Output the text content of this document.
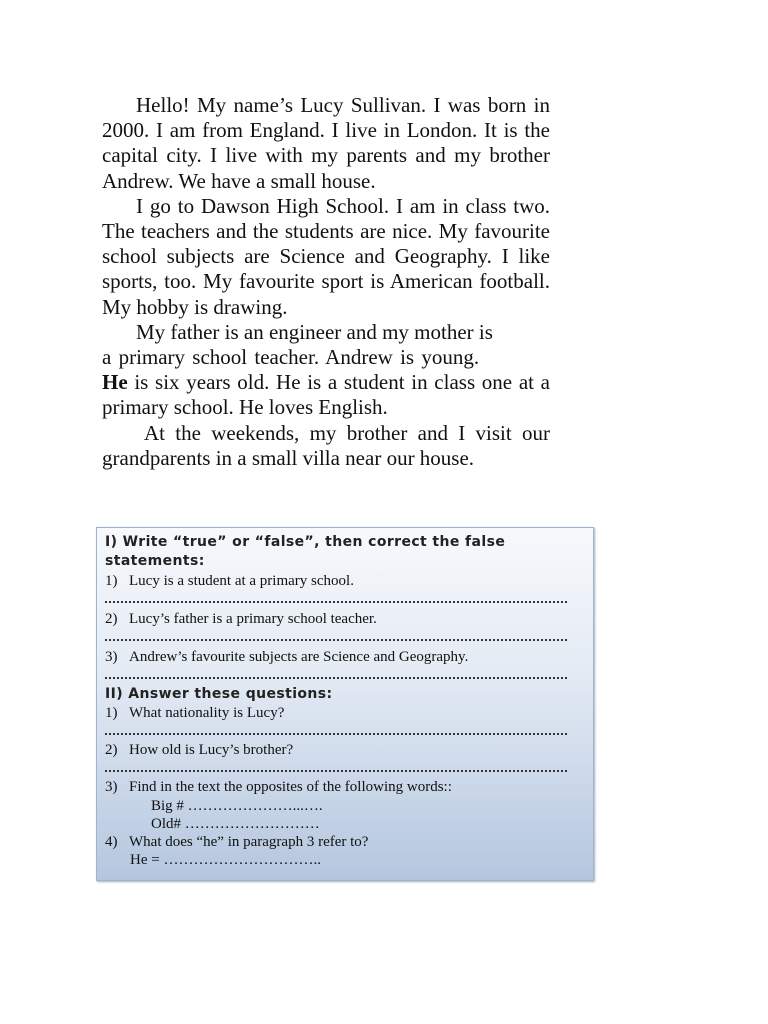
Hello! My name’s Lucy Sullivan. I was born in 2000. I am from England. I live in London. It is the capital city. I live with my parents and my brother Andrew. We have a small house.

I go to Dawson High School. I am in class two. The teachers and the students are nice. My favourite school subjects are Science and Geography. I like sports, too. My favourite sport is American football. My hobby is drawing.

My father is an engineer and my mother is
a primary school teacher. Andrew is young.
He is six years old. He is a student in class one at a primary school. He loves English.

At the weekends, my brother and I visit our grandparents in a small villa near our house.

I) Write “true” or “false”, then correct the false
statements:
1) Lucy is a student at a primary school.
2) Lucy’s father is a primary school teacher.
3) Andrew’s favourite subjects are Science and Geography.
II) Answer these questions:
1) What nationality is Lucy?
2) How old is Lucy’s brother?
3) Find in the text the opposites of the following words::
Big # …………………...….
Old# ………………………
4) What does “he” in paragraph 3 refer to?
He = …………………………..
